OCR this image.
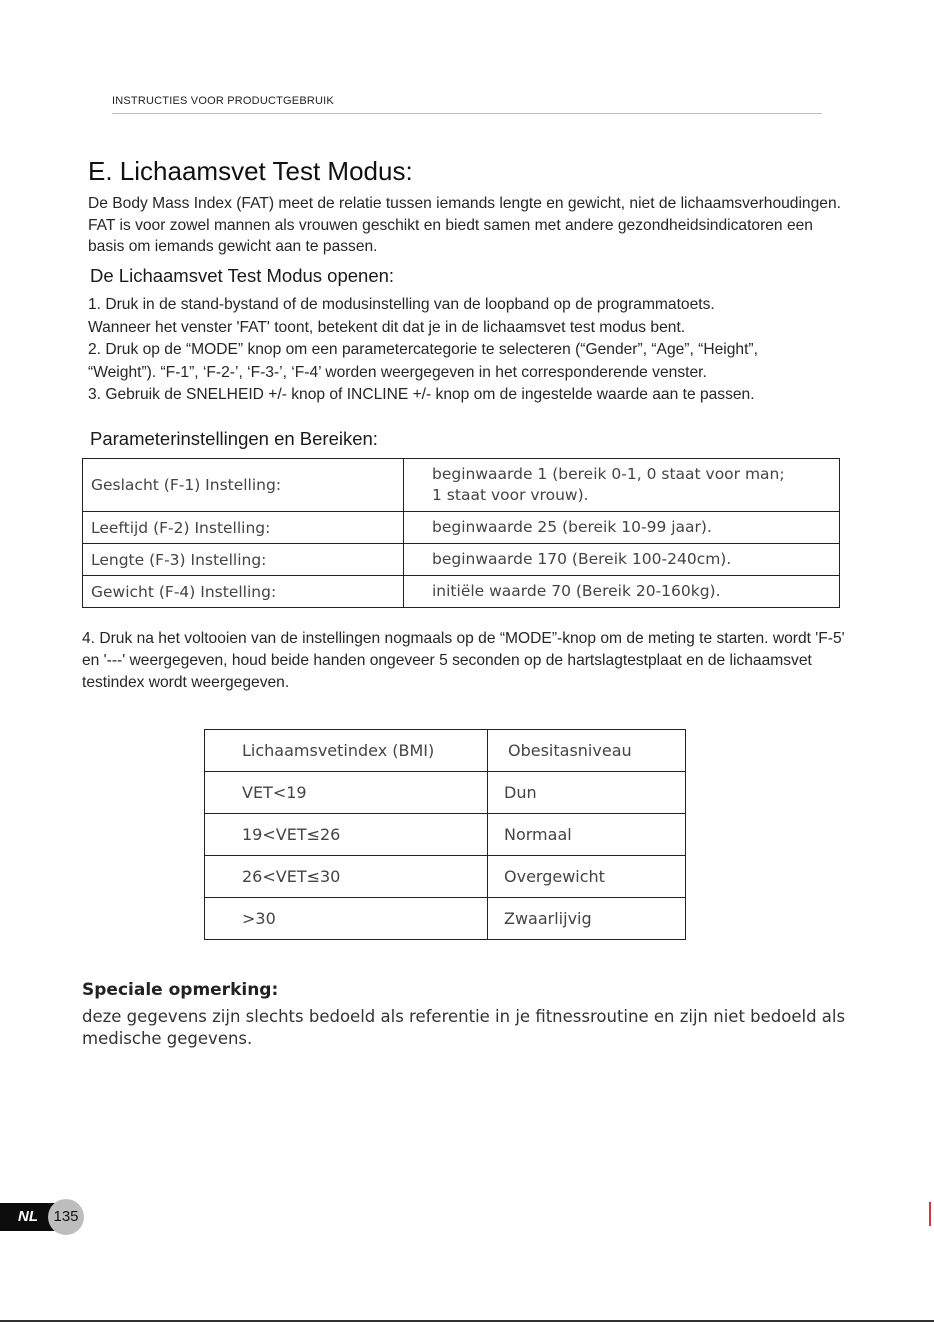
INSTRUCTIES VOOR PRODUCTGEBRUIK
E. Lichaamsvet Test Modus:
De Body Mass Index (FAT) meet de relatie tussen iemands lengte en gewicht, niet de lichaamsverhoudingen. FAT is voor zowel mannen als vrouwen geschikt en biedt samen met andere gezondheidsindicatoren een basis om iemands gewicht aan te passen.
De Lichaamsvet Test Modus openen:
1. Druk in de stand-bystand of de modusinstelling van de loopband op de programmatoets.
Wanneer het venster 'FAT' toont, betekent dit dat je in de lichaamsvet test modus bent.
2. Druk op de “MODE” knop om een parametercategorie te selecteren (“Gender”, “Age”, “Height”,
“Weight”). “F-1”, ‘F-2-’, ‘F-3-’, ‘F-4’ worden weergegeven in het corresponderende venster.
3. Gebruik de SNELHEID +/- knop of INCLINE +/- knop om de ingestelde waarde aan te passen.
Parameterinstellingen en Bereiken:
Geslacht (F-1) Instelling:	beginwaarde 1 (bereik 0-1, 0 staat voor man;
1 staat voor vrouw).
Leeftijd (F-2) Instelling:	beginwaarde 25 (bereik 10-99 jaar).
Lengte (F-3) Instelling:	beginwaarde 170 (Bereik 100-240cm).
Gewicht (F-4) Instelling:	initiële waarde 70 (Bereik 20-160kg).
4. Druk na het voltooien van de instellingen nogmaals op de “MODE”-knop om de meting te starten. wordt 'F-5' en '---' weergegeven, houd beide handen ongeveer 5 seconden op de hartslagtestplaat en de lichaamsvet testindex wordt weergegeven.
Lichaamsvetindex (BMI)	Obesitasniveau
VET<19	Dun
19<VET≤26	Normaal
26<VET≤30	Overgewicht
>30	Zwaarlijvig
Speciale opmerking:
deze gegevens zijn slechts bedoeld als referentie in je fitnessroutine en zijn niet bedoeld als medische gegevens.
NL	135
